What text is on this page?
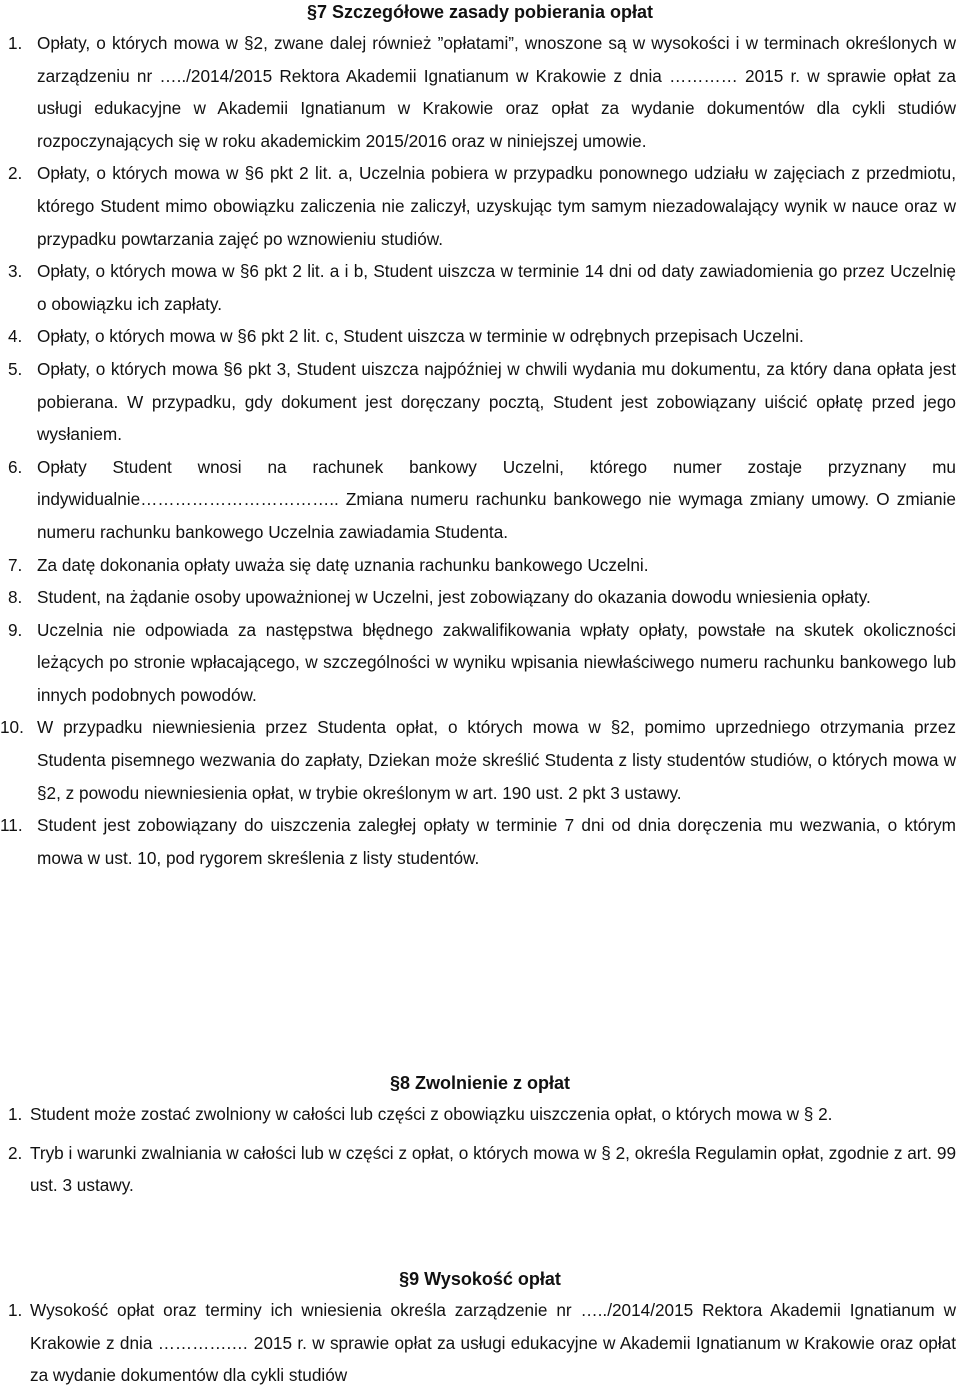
§7 Szczegółowe zasady pobierania opłat
1. Opłaty, o których mowa w §2, zwane dalej również ”opłatami”, wnoszone są w wysokości i w terminach określonych w zarządzeniu nr …../2014/2015 Rektora Akademii Ignatianum w Krakowie z dnia ………… 2015 r. w sprawie opłat za usługi edukacyjne w Akademii Ignatianum w Krakowie oraz opłat za wydanie dokumentów dla cykli studiów rozpoczynających się w roku akademickim 2015/2016 oraz w niniejszej umowie.
2. Opłaty, o których mowa w §6 pkt 2 lit. a, Uczelnia pobiera w przypadku ponownego udziału w zajęciach z przedmiotu, którego Student mimo obowiązku zaliczenia nie zaliczył, uzyskując tym samym niezadowalający wynik w nauce oraz w przypadku powtarzania zajęć po wznowieniu studiów.
3. Opłaty, o których mowa w §6 pkt 2 lit. a i b, Student uiszcza w terminie 14 dni od daty zawiadomienia go przez Uczelnię o obowiązku ich zapłaty.
4. Opłaty, o których mowa w §6 pkt 2 lit. c, Student uiszcza w terminie w odrębnych przepisach Uczelni.
5. Opłaty, o których mowa §6 pkt 3, Student uiszcza najpóźniej w chwili wydania mu dokumentu, za który dana opłata jest pobierana. W przypadku, gdy dokument jest doręczany pocztą, Student jest zobowiązany uiścić opłatę przed jego wysłaniem.
6. Opłaty Student wnosi na rachunek bankowy Uczelni, którego numer zostaje przyznany mu indywidualnie…………………………….. Zmiana numeru rachunku bankowego nie wymaga zmiany umowy. O zmianie numeru rachunku bankowego Uczelnia zawiadamia Studenta.
7. Za datę dokonania opłaty uważa się datę uznania rachunku bankowego Uczelni.
8. Student, na żądanie osoby upoważnionej w Uczelni, jest zobowiązany do okazania dowodu wniesienia opłaty.
9. Uczelnia nie odpowiada za następstwa błędnego zakwalifikowania wpłaty opłaty, powstałe na skutek okoliczności leżących po stronie wpłacającego, w szczególności w wyniku wpisania niewłaściwego numeru rachunku bankowego lub innych podobnych powodów.
10. W przypadku niewniesienia przez Studenta opłat, o których mowa w §2, pomimo uprzedniego otrzymania przez Studenta pisemnego wezwania do zapłaty, Dziekan może skreślić Studenta z listy studentów studiów, o których mowa w §2, z powodu niewniesienia opłat, w trybie określonym w art. 190 ust. 2 pkt 3 ustawy.
11. Student jest zobowiązany do uiszczenia zaległej opłaty w terminie 7 dni od dnia doręczenia mu wezwania, o którym mowa w ust. 10, pod rygorem skreślenia z listy studentów.
§8 Zwolnienie z opłat
1. Student może zostać zwolniony w całości lub części z obowiązku uiszczenia opłat, o których mowa w § 2.
2. Tryb i warunki zwalniania w całości lub w części z opłat, o których mowa w § 2, określa Regulamin opłat, zgodnie z art. 99 ust. 3 ustawy.
§9 Wysokość opłat
1. Wysokość opłat oraz terminy ich wniesienia określa zarządzenie nr …../2014/2015 Rektora Akademii Ignatianum w Krakowie z dnia ………….… 2015 r. w sprawie opłat za usługi edukacyjne w Akademii Ignatianum w Krakowie oraz opłat za wydanie dokumentów dla cykli studiów
